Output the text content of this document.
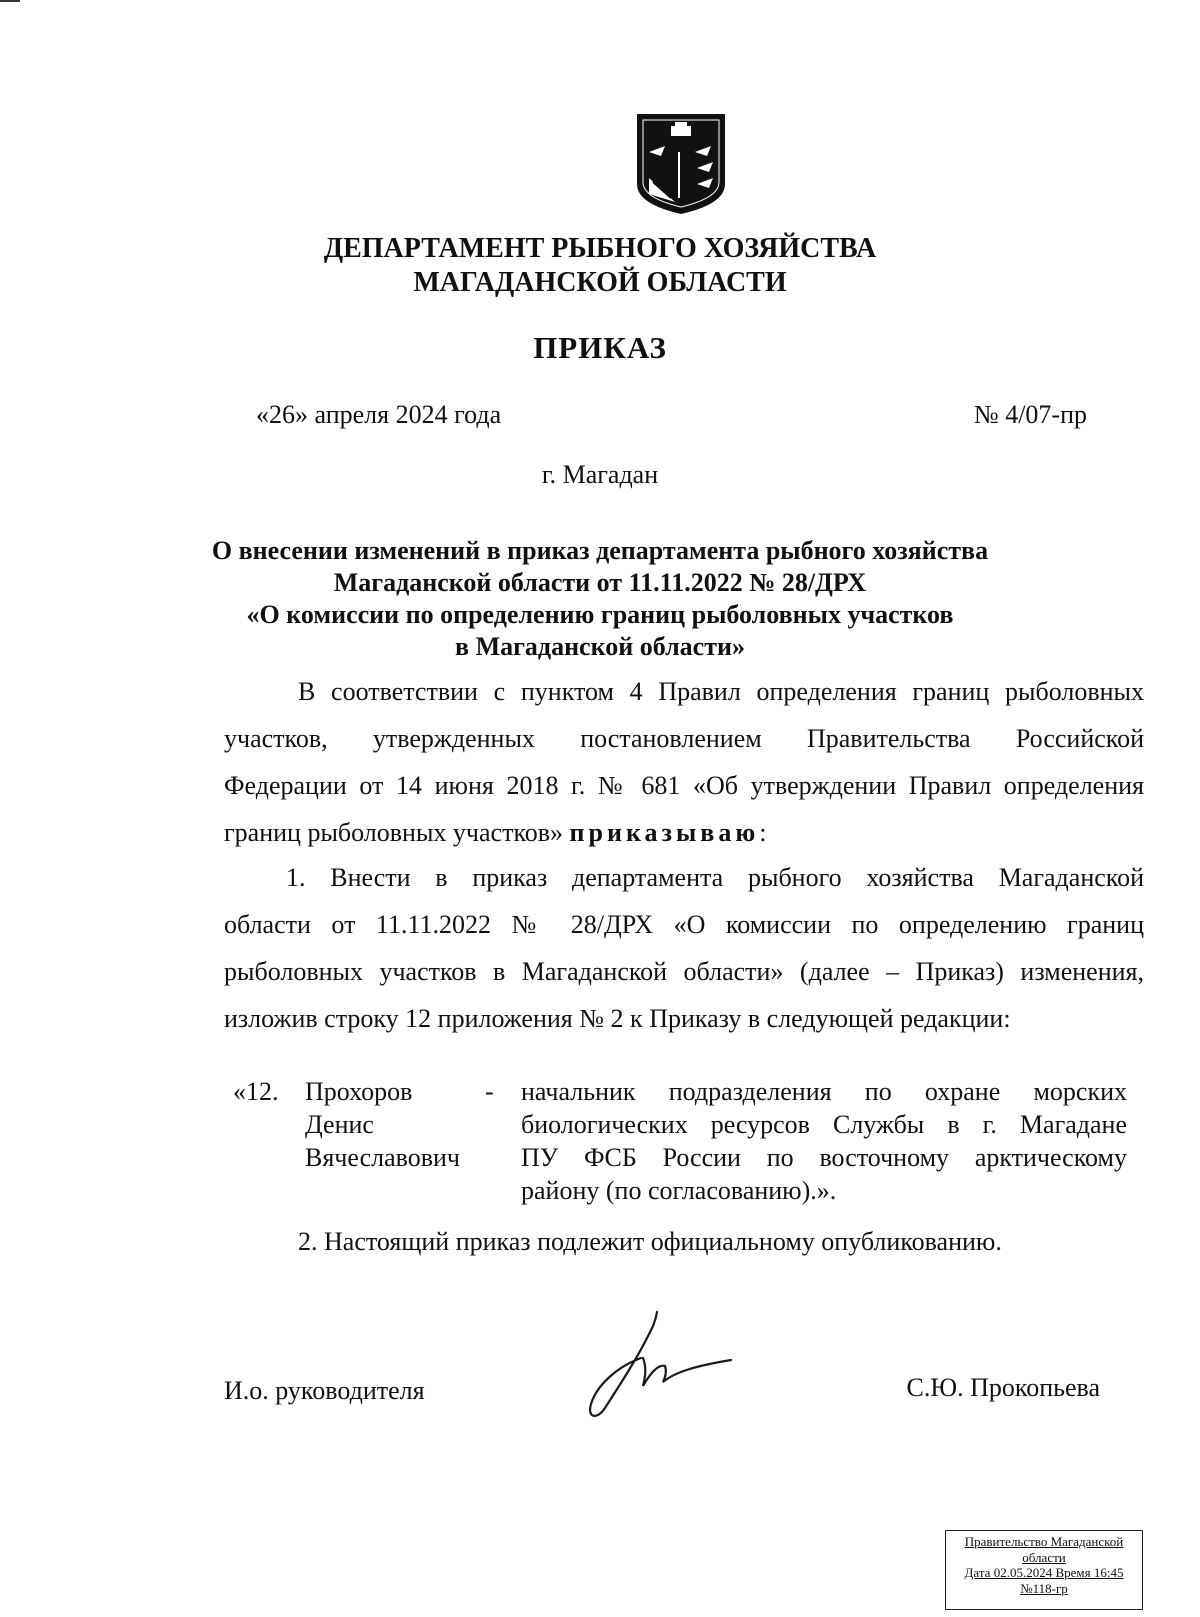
ДЕПАРТАМЕНТ РЫБНОГО ХОЗЯЙСТВА
МАГАДАНСКОЙ ОБЛАСТИ
ПРИКАЗ
«26» апреля 2024 года	№ 4/07-пр
г. Магадан
О внесении изменений в приказ департамента рыбного хозяйства
Магаданской области от 11.11.2022 № 28/ДРХ
«О комиссии по определению границ рыболовных участков
в Магаданской области»
В соответствии с пунктом 4 Правил определения границ рыболовных
участков, утвержденных постановлением Правительства Российской
Федерации от 14 июня 2018 г. № 681 «Об утверждении Правил определения
границ рыболовных участков» приказываю:
1. Внести в приказ департамента рыбного хозяйства Магаданской
области от 11.11.2022 № 28/ДРХ «О комиссии по определению границ
рыболовных участков в Магаданской области» (далее – Приказ) изменения,
изложив строку 12 приложения № 2 к Приказу в следующей редакции:
«12. Прохоров
Денис
Вячеславович
- начальник подразделения по охране морских
биологических ресурсов Службы в г. Магадане
ПУ ФСБ России по восточному арктическому
району (по согласованию).».
2. Настоящий приказ подлежит официальному опубликованию.
И.о. руководителя	С.Ю. Прокопьева
Правительство Магаданской
области
Дата 02.05.2024 Время 16:45
№118-гр
